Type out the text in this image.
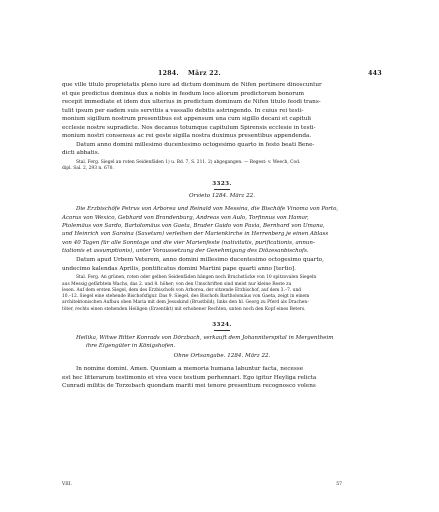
1284. März 22.	443

que ville titulo proprietatis pleno iure ad dictum dominum de Nifen pertinere dinoscuntur

et que predictus dominus dux a nobis in feodum loco aliorum predictorum bonorum

recepit immediate et idem dux ulterius in predictum dominum de Nifen titulo feodi trans-

tulit ipsum per eadem suis servitiis a vassallo debitis astringendo. In cuius rei testi-

monium sigillum nostrum presentibus est appensum una cum sigillo decani et capituli

ecclesie nostre supradicte. Nos decanus totumque capitulum Spirensis ecclesie in testi-

monium nostri consensus ac rei geste sigilla nostra duximus presentibus appendenda.

Datum anno domini millesimo ducentesimo octogesimo quarto in festo beati Bene-

dicti abbatis.

Stal. Ferg. Siegel an roten Seidenfäden 1) u. Bd. 7, S. 211. 2) abgegangen. — Regest: v. Weech, Cod.

dipl. Sal. 2, 293 n. 670.

3323.
Orvieto 1284. März 22.

Die Erzbischöfe Petrus von Arborea und Reinald von Messina, die Bischöfe Vinoma von Porto,

Acorus von Wexico, Gebhard von Brandenburg, Andreas von Aulo, Torfinnus von Hamar,

Ptolemäus von Sardo, Bartolomäus von Gaeta, Bruder Guido von Pavia, Bernhard von Umana,

und Heinrich von Saroina (Saxetum) verleihen der Marienkirche in Herrenberg je einen Ablass

von 40 Tagen für alle Sonntage und die vier Marienfeste (nativitatis, purificationis, annun-

tiationis et assumptionis), unter Voraussetzung der Genehmigung des Diözesanbischofs.

Datum apud Urbem Veterem, anno domini millesimo ducentesimo octogesimo quarto,

undecimo kalendas Aprilis, pontificatus domini Martini pape quarti anno [tertio].

Stal. Ferg. An grünen, roten oder gelben Seidenfäden hängen noch Bruchstücke von 10 spitzovalen Siegeln

aus Messig gefärbtem Wachs, das 2. und 8. höher; von den Umschriften sind meist nur kleine Reste zu

lesen. Auf dem ersten Siegel, dem des Erzbischofs von Arborea, der sitzende Erzbischof, auf dem 3.–7. und

10.–12. Siegel eine stehende Bischofsfigur. Das 9. Siegel, des Bischofs Bartholomäus von Gaeta, zeigt in einem

architektonischen Aufbau oben Maria mit dem Jesuskind (Brustbild), links den hl. Georg zu Pferd als Drachen-

töter, rechts einen stehenden Heiligen (Erzentikt) mit erhobener Rechten, unten noch den Kopf eines Beters.

3324.

Heilika, Witwe Ritter Konrads von Dörzbach, verkauft dem Johanniterspital in Mergentheim

ihre Eigengüter in Königshofen.

Ohne Ortsangabe. 1284. März 22.

In nomine domini. Amen. Quoniam a memoria humana labuntur facta, necesse

est hec litterarum testimonio et viva voce testium perhennari. Ego igitur Heyliga relicta

Cunradi militis de Torzebach quondam mariti mei tenore presentium recognosco volens

VIII.	57
